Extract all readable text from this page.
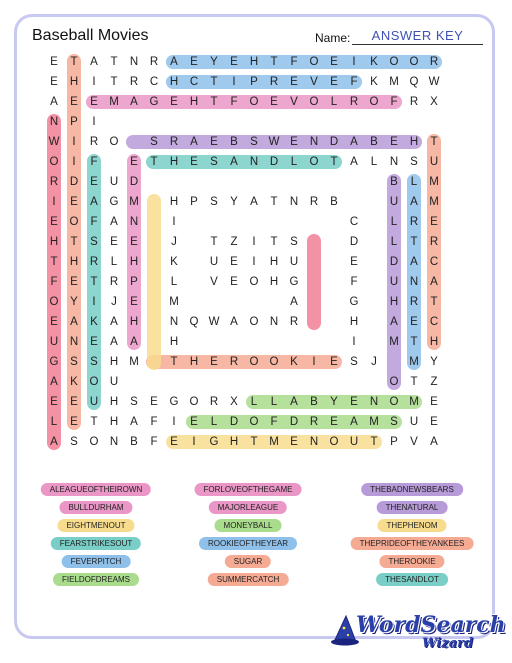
Baseball Movies	Name:	ANSWER KEY
E	T	A	T	N	R	A	E	Y	E	H	T	F	O	E	I	K	O O R
E	H	I	T	R	C	H	C	T	I	P	R	E	V	E	F	K M Q W
A	E	E M A	G	E	H	T	F	O	E	V	O	L	R O	F	R	X
N	P	I
W	I	R O	S	R	A	E	B	S W E	N	D	A	B	E	H	T
O	I	F	E	T	H	E	S	A	N	D	L	O	T	A	L	N	S	U
R	D	E	U	D	B	L	M
I	E	A	G M	H	P	S	Y	A	T	N	R	B	U	A M
E	O	F	A	N	I	C	L	R	E
H	T	S	E	E	J	T	Z	I	T	S	D	L	T	R
T	H	R	L	H	K	U	E	I	H	U	E	D	A	C
F	E	T	R	P	L	V	E	O H G	F	U	N	A
O	Y	I	J	E	M	A	G	H	R	T
E	A	K	A	H	N Q W A	O N	R	H	A	E	C
U	N	E	A	A	H	I	M	T	H
G	S	S	H M	T	H	E	R O O	K	I	E	S	J	M Y
A	K	O U	O	T	Z
E	E	U	H	S	E	G O R	X	L	L	A	B	Y	E	N O M E
L	E	T	H	A	F	I	E	L	D O	F	D	R	E	A M S	U	E
A	S	O N	B	F	E	I	G H	T	M E	N O U	T	P	V	A
ALEAGUEOFTHEIROWN	FORLOVEOFTHEGAME	THEBADNEWSBEARS
BULLDURHAM	MAJORLEAGUE	THENATURAL
EIGHTMENOUT	MONEYBALL	THEPHENOM
FEARSTRIKESOUT	ROOKIEOFTHEYEAR	THEPRIDEOFTHEYANKEES
FEVERPITCH	SUGAR	THEROOKIE
FIELDOFDREAMS	SUMMERCATCH	THESANDLOT
WordSearch
Wizard
